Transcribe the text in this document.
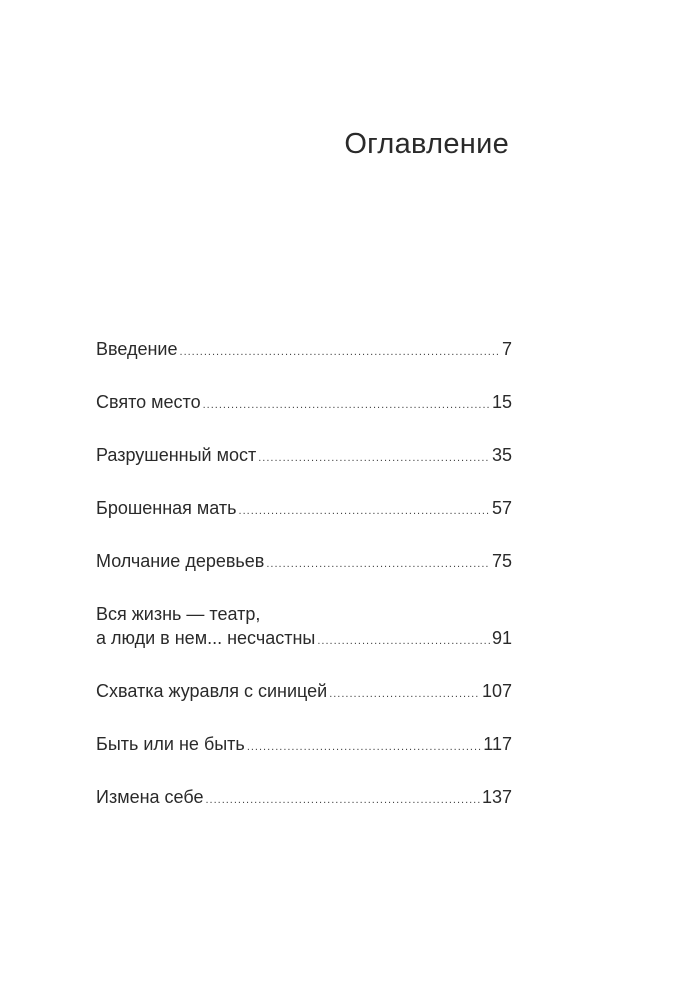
Оглавление
Введение .....	7
Свято место .....	15
Разрушенный мост .....	35
Брошенная мать .....	57
Молчание деревьев .....	75
Вся жизнь — театр,
а люди в нем... несчастны .....	91
Схватка журавля с синицей .....	107
Быть или не быть .....	117
Измена себе .....	137
